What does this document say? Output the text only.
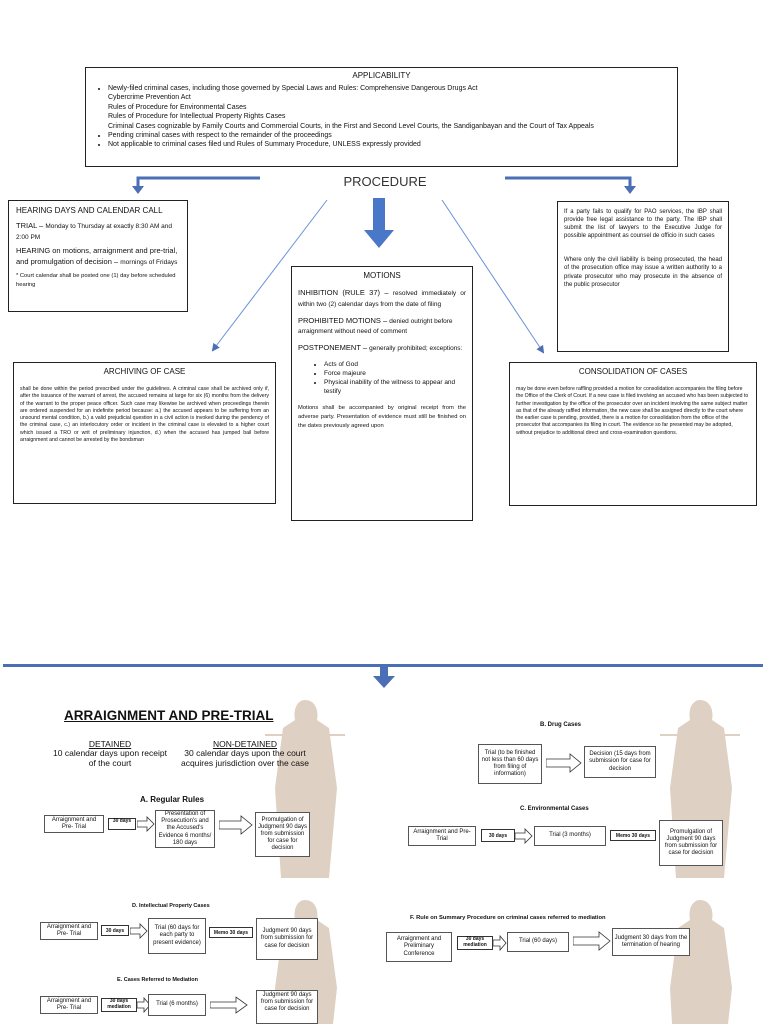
APPLICABILITY
• Newly-filed criminal cases, including those governed by Special Laws and Rules: Comprehensive Dangerous Drugs Act
Cybercrime Prevention Act
Rules of Procedure for Environmental Cases
Rules of Procedure for Intellectual Property Rights Cases
Criminal Cases cognizable by Family Courts and Commercial Courts, in the First and Second Level Courts, the Sandiganbayan and the Court of Tax Appeals
• Pending criminal cases with respect to the remainder of the proceedings
• Not applicable to criminal cases filed und Rules of Summary Procedure, UNLESS expressly provided
PROCEDURE
HEARING DAYS AND CALENDAR CALL
TRIAL – Monday to Thursday at exactly 8:30 AM and 2:00 PM
HEARING on motions, arraignment and pre-trial, and promulgation of decision – mornings of Fridays
* Court calendar shall be posted one (1) day before scheduled hearing
If a party fails to qualify for PAO services, the IBP shall provide free legal assistance to the party. The IBP shall submit the list of lawyers to the Executive Judge for possible appointment as counsel de officio in such cases
Where only the civil liability is being prosecuted, the head of the prosecution office may issue a written authority to a private prosecutor who may prosecute in the absence of the public prosecutor
MOTIONS
INHIBITION (RULE 37) – resolved immediately or within two (2) calendar days from the date of filing
PROHIBITED MOTIONS – denied outright before arraignment without need of comment
POSTPONEMENT – generally prohibited; exceptions:
• Acts of God
• Force majeure
• Physical inability of the witness to appear and testify
Motions shall be accompanied by original receipt from the adverse party. Presentation of evidence must still be finished on the dates previously agreed upon
ARCHIVING OF CASE
shall be done within the period prescribed under the guidelines. A criminal case shall be archived only if, after the issuance of the warrant of arrest, the accused remains at large for six (6) months from the delivery of the warrant to the proper peace officer. Such case may likewise be archived when proceedings therein are ordered suspended for an indefinite period because: a.) the accused appears to be suffering from an unsound mental condition, b.) a valid prejudicial question in a civil action is invoked during the pendency of the criminal case, c.) an interlocutory order or incident in the criminal case is elevated to a higher court which issued a TRO or writ of preliminary injunction, d.) when the accused has jumped bail before arraignment and cannot be arrested by the bondsman
CONSOLIDATION OF CASES
may be done even before raffling provided a motion for consolidation accompanies the filing before the Office of the Clerk of Court. If a new case is filed involving an accused who has been subjected to further investigation by the office of the prosecutor over an incident involving the same subject matter as that of the already raffled information, the new case shall be assigned directly to the court where the earlier case is pending, provided, there is a motion for consolidation from the office of the prosecutor that accompanies its filing in court. The evidence so far presented may be adopted, without prejudice to additional direct and cross-examination questions.
ARRAIGNMENT AND PRE-TRIAL
DETAINED
10 calendar days upon receipt of the court
NON-DETAINED
30 calendar days upon the court acquires jurisdiction over the case
A. Regular Rules
Arraignment and Pre- Trial
30 days
Presentation of Prosecution's and the Accused's Evidence 6 months/ 180 days
Promulgation of Judgment 90 days from submission for case for decision
B. Drug Cases
Trial (to be finished not less than 60 days from filing of information)
Decision (15 days from submission for case for decision
C. Environmental Cases
Arraignment and Pre- Trial	30 days	Trial (3 months)	Memo 30 days
Promulgation of Judgment 90 days from submission for case for decision
D. Intellectual Property Cases
Arraignment and Pre- Trial	30 days	Trial (60 days for each party to present evidence)
Memo 30 days	Judgment 90 days from submission for case for decision
E. Cases Referred to Mediation
Arraignment and Pre- Trial
30 days mediation	Trial (6 months)
Judgment 90 days from submission for case for decision
F. Rule on Summary Procedure on criminal cases referred to mediation
Arraignment and Preliminary Conference
30 days mediation
Trial (60 days)
Judgment 30 days from the termination of hearing
